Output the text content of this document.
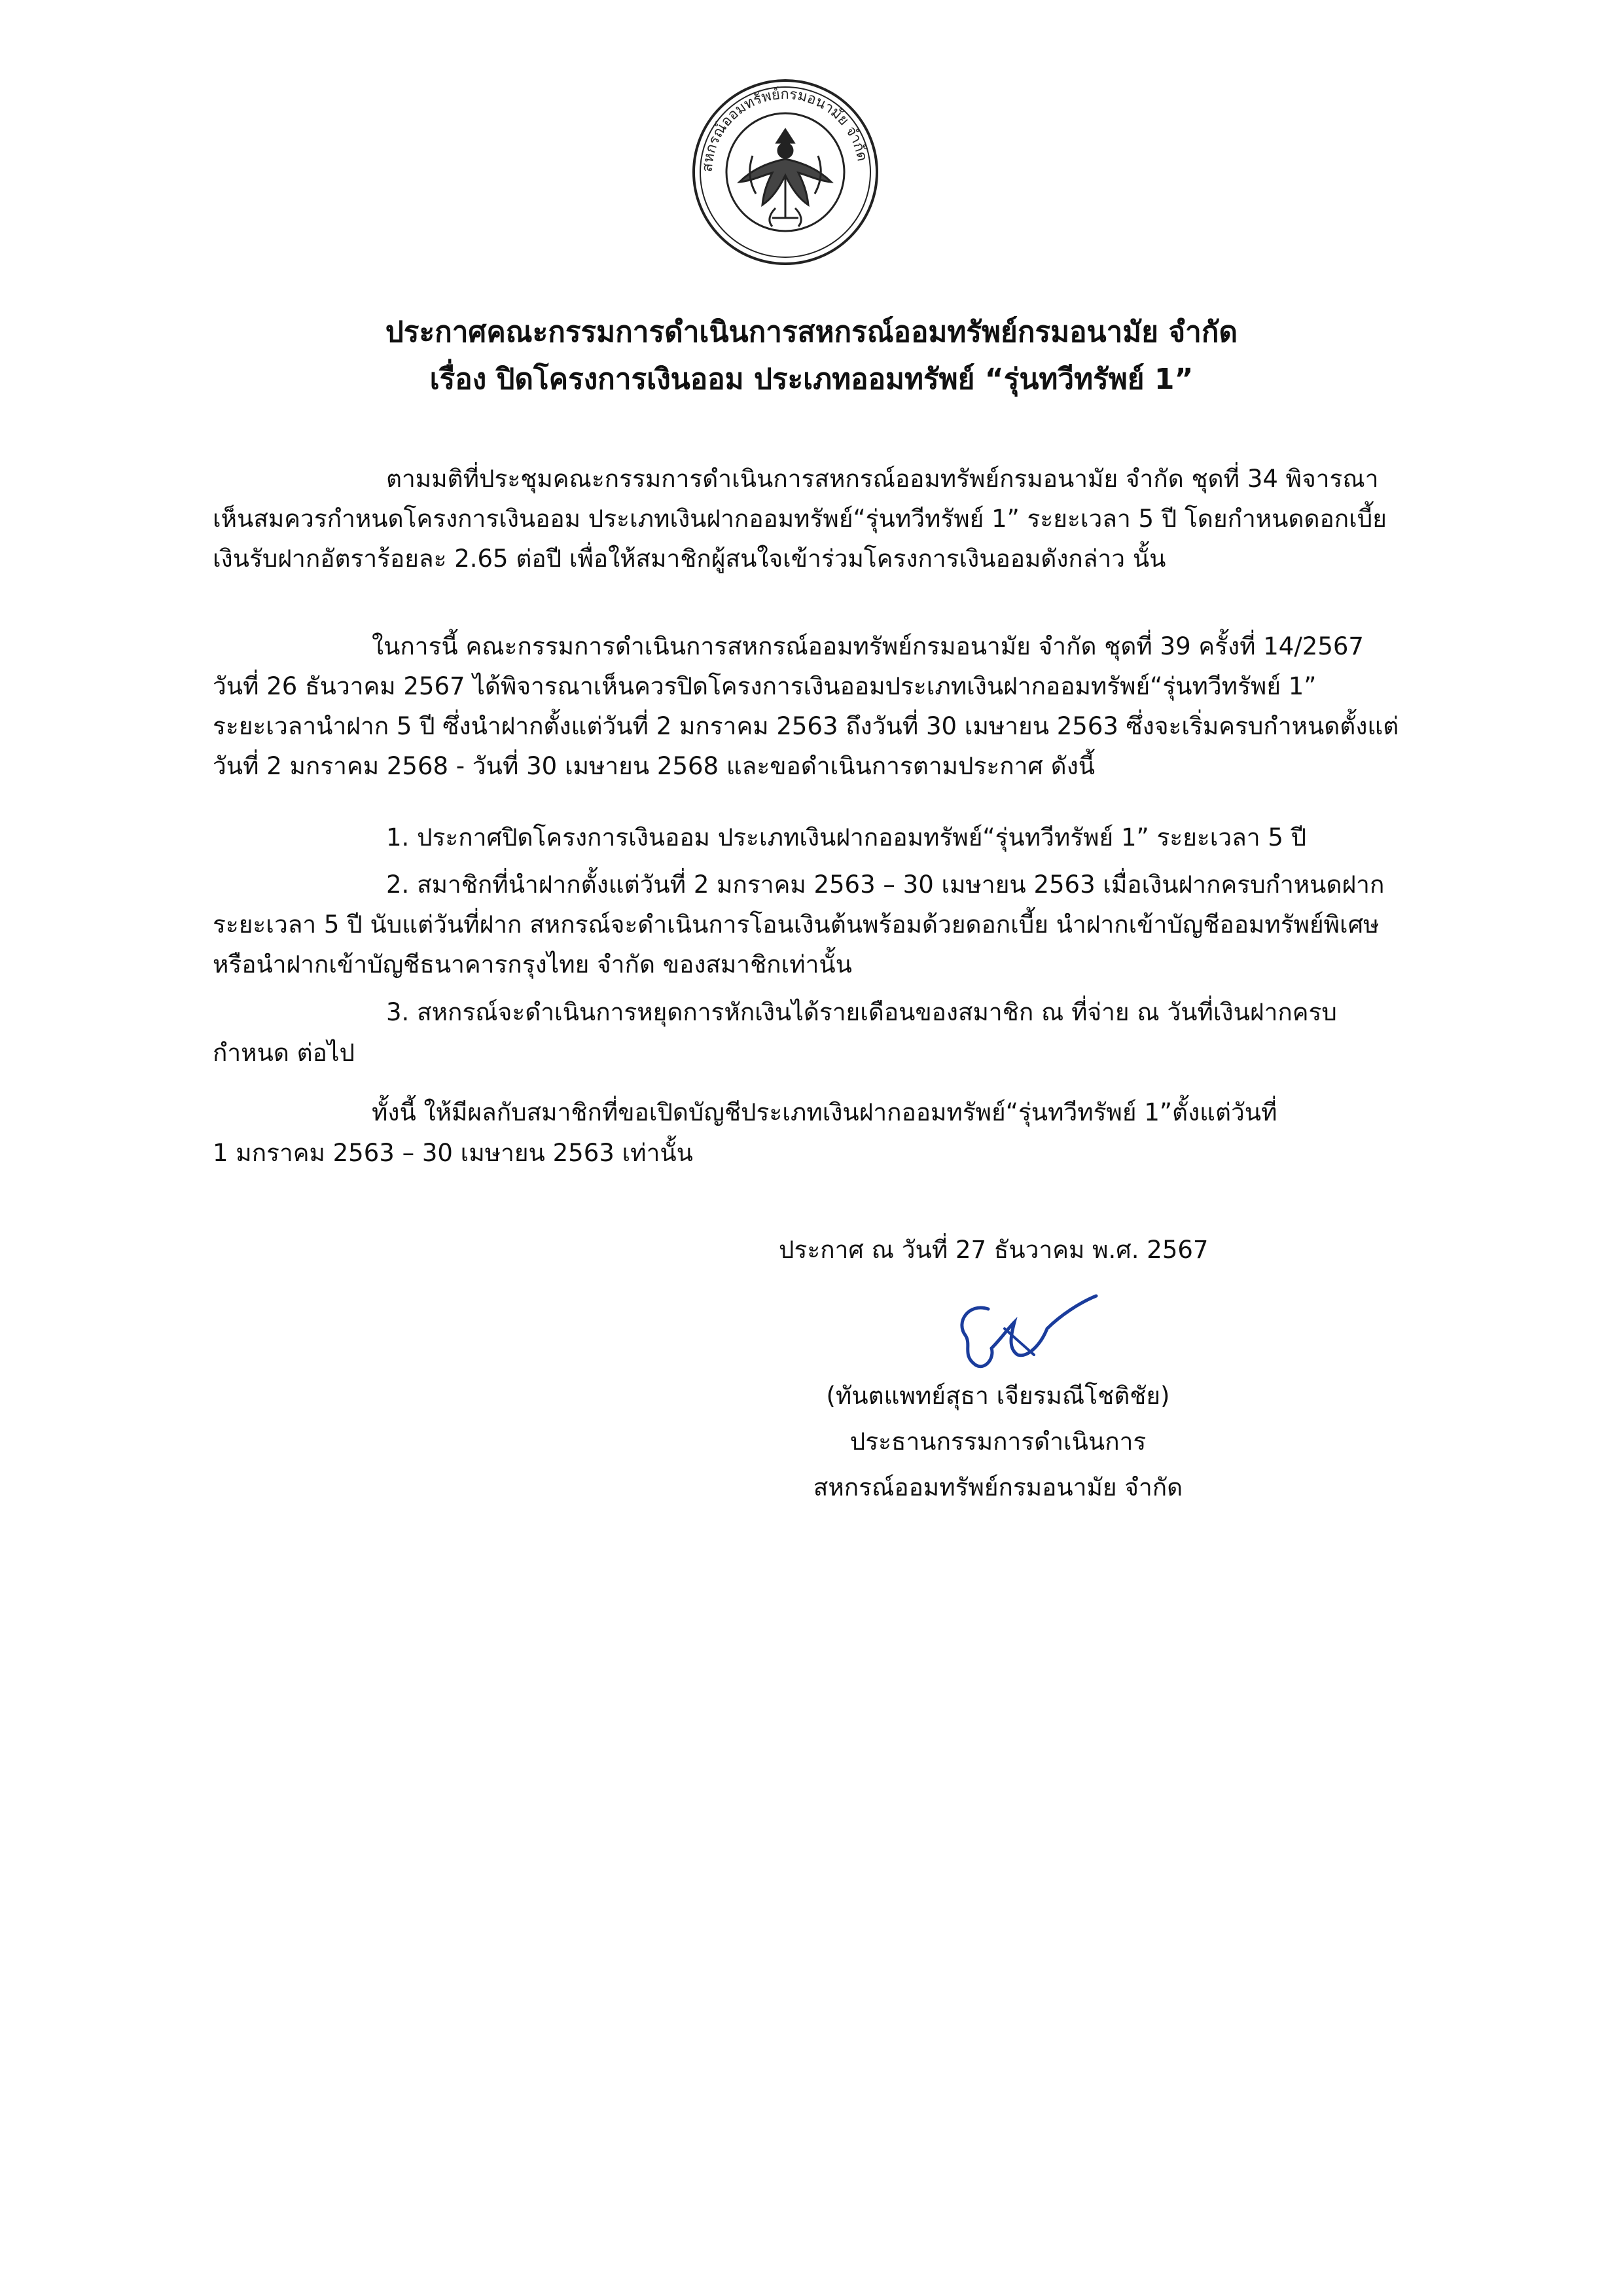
สหกรณ์ออมทรัพย์กรมอนามัย จำกัด
ประกาศคณะกรรมการดำเนินการสหกรณ์ออมทรัพย์กรมอนามัย จำกัด
เรื่อง ปิดโครงการเงินออม ประเภทออมทรัพย์ “รุ่นทวีทรัพย์ 1”
ตามมติที่ประชุมคณะกรรมการดำเนินการสหกรณ์ออมทรัพย์กรมอนามัย จำกัด ชุดที่ 34 พิจารณา
เห็นสมควรกำหนดโครงการเงินออม ประเภทเงินฝากออมทรัพย์“รุ่นทวีทรัพย์ 1” ระยะเวลา 5 ปี โดยกำหนดดอกเบี้ย
เงินรับฝากอัตราร้อยละ 2.65 ต่อปี เพื่อให้สมาชิกผู้สนใจเข้าร่วมโครงการเงินออมดังกล่าว นั้น
ในการนี้ คณะกรรมการดำเนินการสหกรณ์ออมทรัพย์กรมอนามัย จำกัด ชุดที่ 39 ครั้งที่ 14/2567
วันที่ 26 ธันวาคม 2567 ได้พิจารณาเห็นควรปิดโครงการเงินออมประเภทเงินฝากออมทรัพย์“รุ่นทวีทรัพย์ 1”
ระยะเวลานำฝาก 5 ปี ซึ่งนำฝากตั้งแต่วันที่ 2 มกราคม 2563 ถึงวันที่ 30 เมษายน 2563 ซึ่งจะเริ่มครบกำหนดตั้งแต่
วันที่ 2 มกราคม 2568 - วันที่ 30 เมษายน 2568 และขอดำเนินการตามประกาศ ดังนี้
1. ประกาศปิดโครงการเงินออม ประเภทเงินฝากออมทรัพย์“รุ่นทวีทรัพย์ 1” ระยะเวลา 5 ปี
2. สมาชิกที่นำฝากตั้งแต่วันที่ 2 มกราคม 2563 – 30 เมษายน 2563 เมื่อเงินฝากครบกำหนดฝาก
ระยะเวลา 5 ปี นับแต่วันที่ฝาก สหกรณ์จะดำเนินการโอนเงินต้นพร้อมด้วยดอกเบี้ย นำฝากเข้าบัญชีออมทรัพย์พิเศษ
หรือนำฝากเข้าบัญชีธนาคารกรุงไทย จำกัด ของสมาชิกเท่านั้น
3. สหกรณ์จะดำเนินการหยุดการหักเงินได้รายเดือนของสมาชิก ณ ที่จ่าย ณ วันที่เงินฝากครบ
กำหนด ต่อไป
ทั้งนี้ ให้มีผลกับสมาชิกที่ขอเปิดบัญชีประเภทเงินฝากออมทรัพย์“รุ่นทวีทรัพย์ 1”ตั้งแต่วันที่
1 มกราคม 2563 – 30 เมษายน 2563 เท่านั้น
ประกาศ ณ วันที่ 27 ธันวาคม พ.ศ. 2567
(ทันตแพทย์สุธา เจียรมณีโชติชัย)
ประธานกรรมการดำเนินการ
สหกรณ์ออมทรัพย์กรมอนามัย จำกัด
